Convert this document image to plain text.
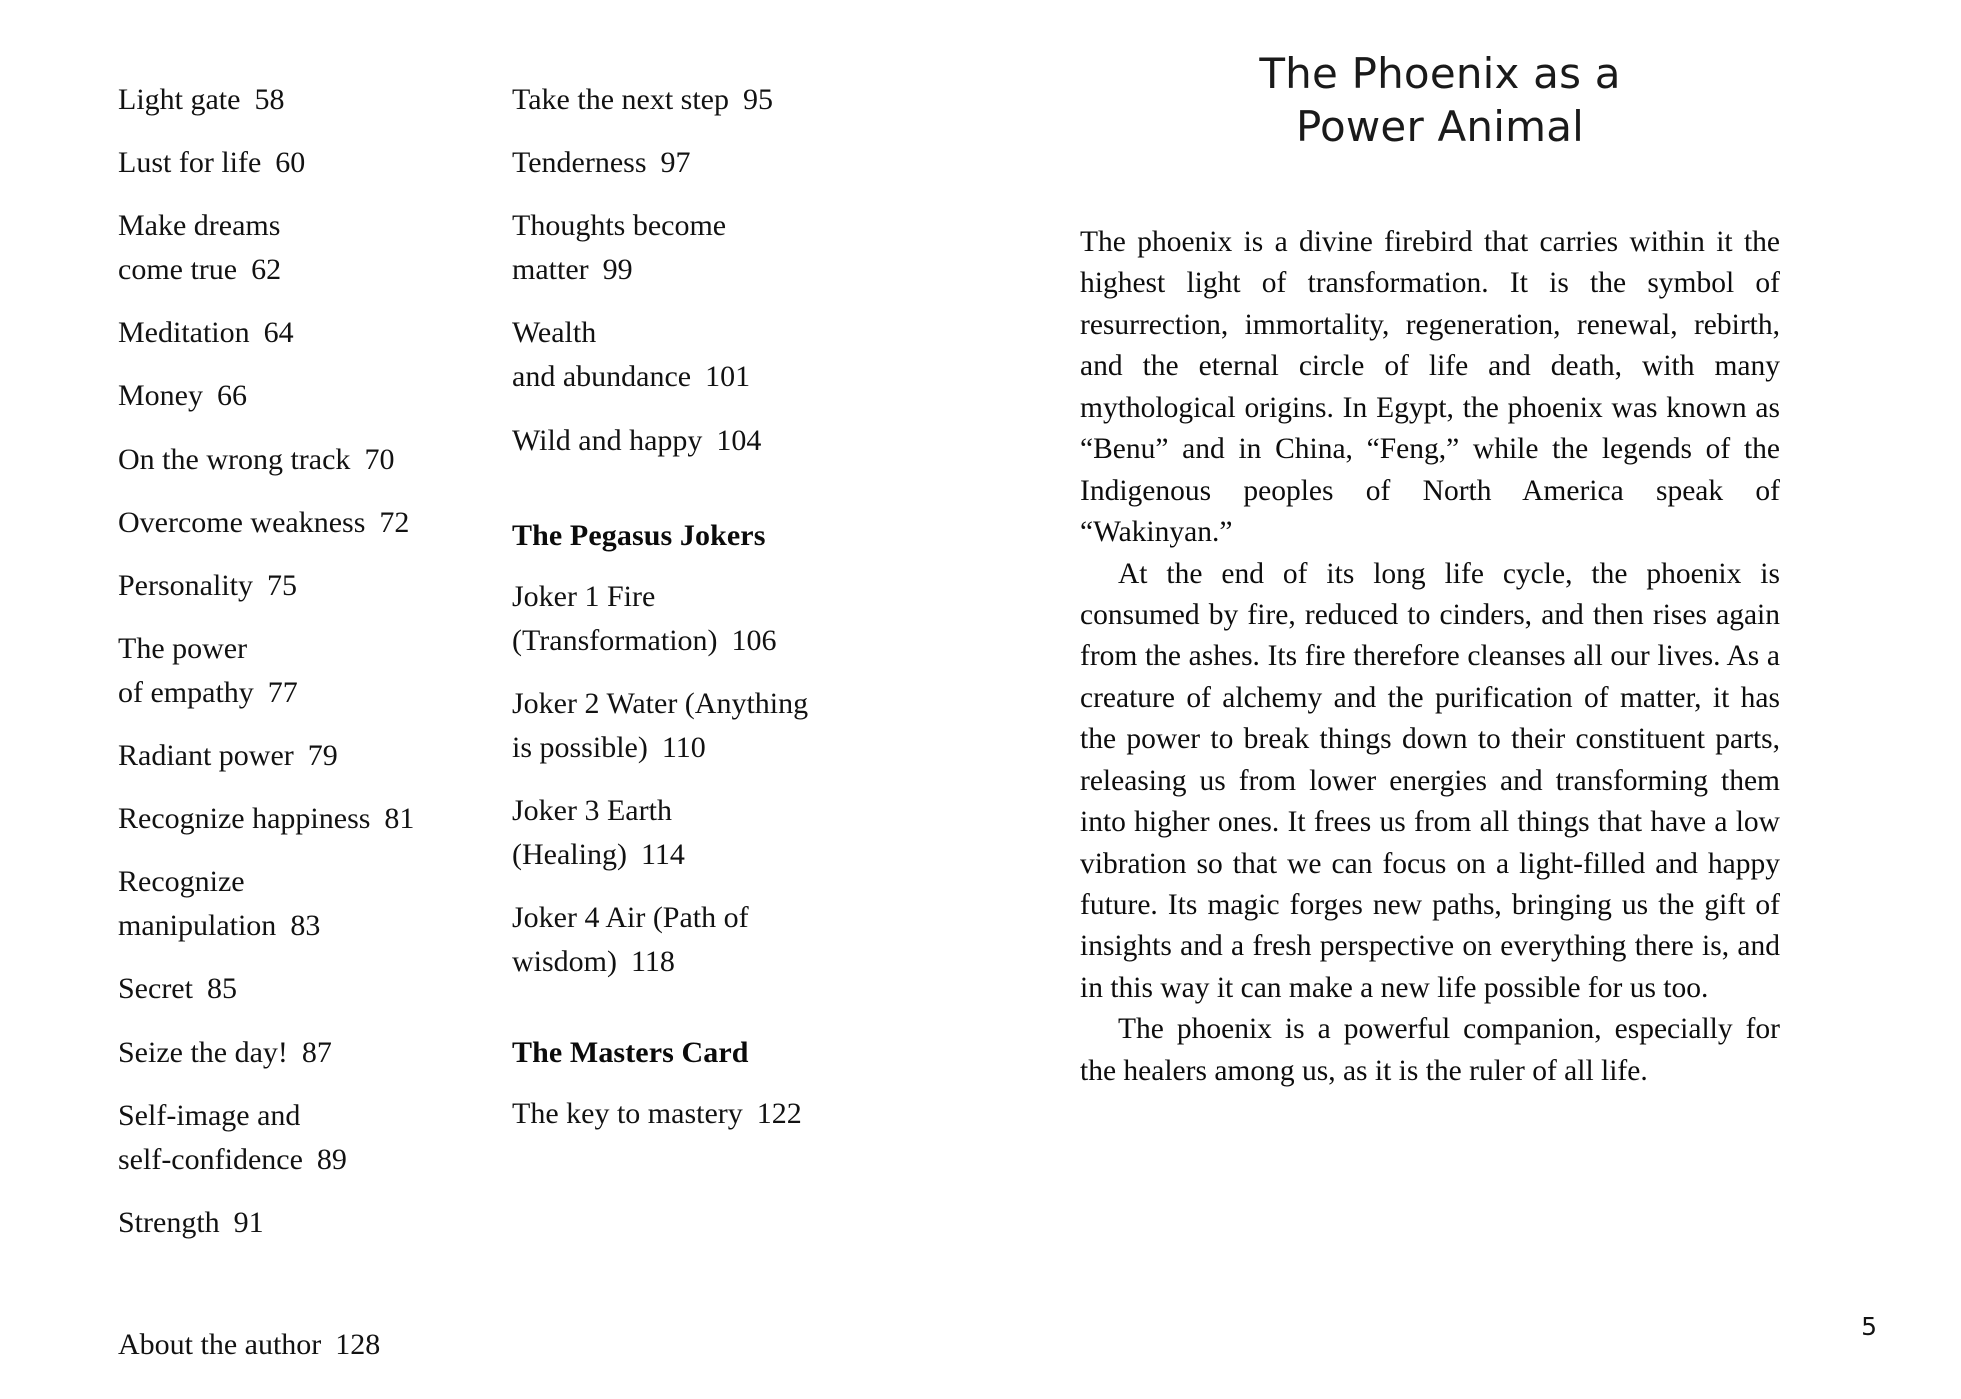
Light gate 58
Lust for life 60
Make dreams
come true 62
Meditation 64
Money 66
On the wrong track 70
Overcome weakness 72
Personality 75
The power
of empathy 77
Radiant power 79
Recognize happiness 81
Recognize
manipulation 83
Secret 85
Seize the day! 87
Self-image and
self-confidence 89
Strength 91
About the author 128
Take the next step 95
Tenderness 97
Thoughts become
matter 99
Wealth
and abundance 101
Wild and happy 104
The Pegasus Jokers
Joker 1 Fire
(Transformation) 106
Joker 2 Water (Anything
is possible) 110
Joker 3 Earth
(Healing) 114
Joker 4 Air (Path of
wisdom) 118
The Masters Card
The key to mastery 122
The Phoenix as a
Power Animal

The phoenix is a divine firebird that carries within it the highest light of transformation. It is the symbol of resurrection, immortality, regeneration, renewal, rebirth, and the eternal circle of life and death, with many mythological origins. In Egypt, the phoenix was known as “Benu” and in China, “Feng,” while the legends of the Indigenous peoples of North America speak of “Wakinyan.”

At the end of its long life cycle, the phoenix is consumed by fire, reduced to cinders, and then rises again from the ashes. Its fire therefore cleanses all our lives. As a creature of alchemy and the purification of matter, it has the power to break things down to their constituent parts, releasing us from lower energies and transforming them into higher ones. It frees us from all things that have a low vibration so that we can focus on a light-filled and happy future. Its magic forges new paths, bringing us the gift of insights and a fresh perspective on everything there is, and in this way it can make a new life possible for us too.

The phoenix is a powerful companion, especially for the healers among us, as it is the ruler of all life.

5
